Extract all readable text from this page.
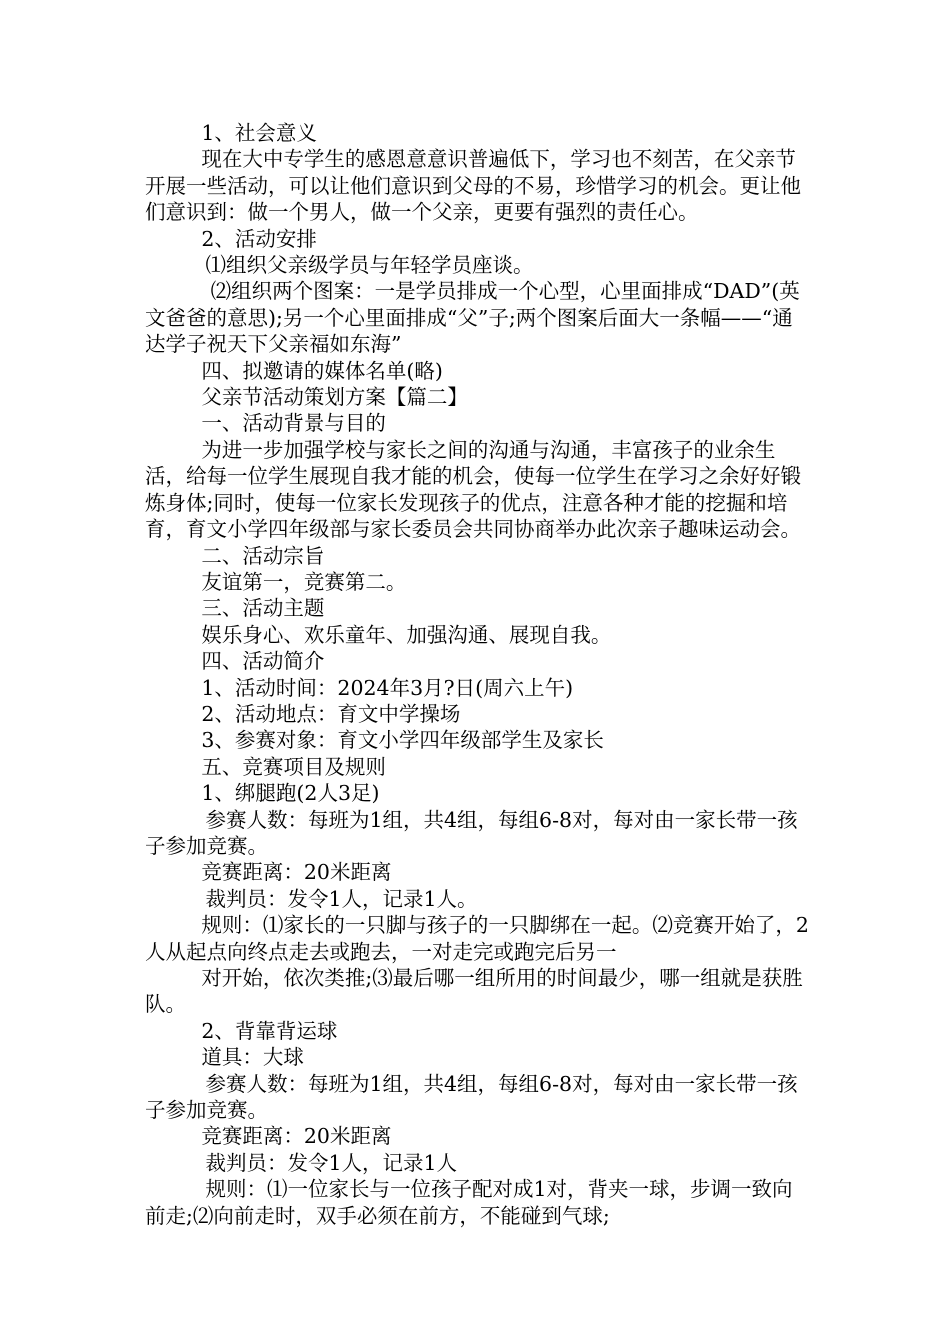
1、社会意义

现在大中专学生的感恩意意识普遍低下，学习也不刻苦，在父亲节开展一些活动，可以让他们意识到父母的不易，珍惜学习的机会。更让他们意识到：做一个男人，做一个父亲，更要有强烈的责任心。

2、活动安排

⑴组织父亲级学员与年轻学员座谈。

⑵组织两个图案：一是学员排成一个心型，心里面排成“DAD”(英文爸爸的意思);另一个心里面排成“父”子;两个图案后面大一条幅——“通达学子祝天下父亲福如东海”

四、拟邀请的媒体名单(略)

父亲节活动策划方案【篇二】

一、活动背景与目的

为进一步加强学校与家长之间的沟通与沟通，丰富孩子的业余生活，给每一位学生展现自我才能的机会，使每一位学生在学习之余好好锻炼身体;同时，使每一位家长发现孩子的优点，注意各种才能的挖掘和培育，育文小学四年级部与家长委员会共同协商举办此次亲子趣味运动会。

二、活动宗旨

友谊第一，竞赛第二。

三、活动主题

娱乐身心、欢乐童年、加强沟通、展现自我。

四、活动简介

1、活动时间：2024年3月?日(周六上午)

2、活动地点：育文中学操场

3、参赛对象：育文小学四年级部学生及家长

五、竞赛项目及规则

1、绑腿跑(2人3足)

参赛人数：每班为1组，共4组，每组6-8对，每对由一家长带一孩子参加竞赛。

竞赛距离：20米距离

裁判员：发令1人，记录1人。

规则：⑴家长的一只脚与孩子的一只脚绑在一起。⑵竞赛开始了，2人从起点向终点走去或跑去，一对走完或跑完后另一

对开始，依次类推;⑶最后哪一组所用的时间最少，哪一组就是获胜队。

2、背靠背运球

道具：大球

参赛人数：每班为1组，共4组，每组6-8对，每对由一家长带一孩子参加竞赛。

竞赛距离：20米距离

裁判员：发令1人，记录1人

规则：⑴一位家长与一位孩子配对成1对，背夹一球，步调一致向前走;⑵向前走时，双手必须在前方，不能碰到气球;
